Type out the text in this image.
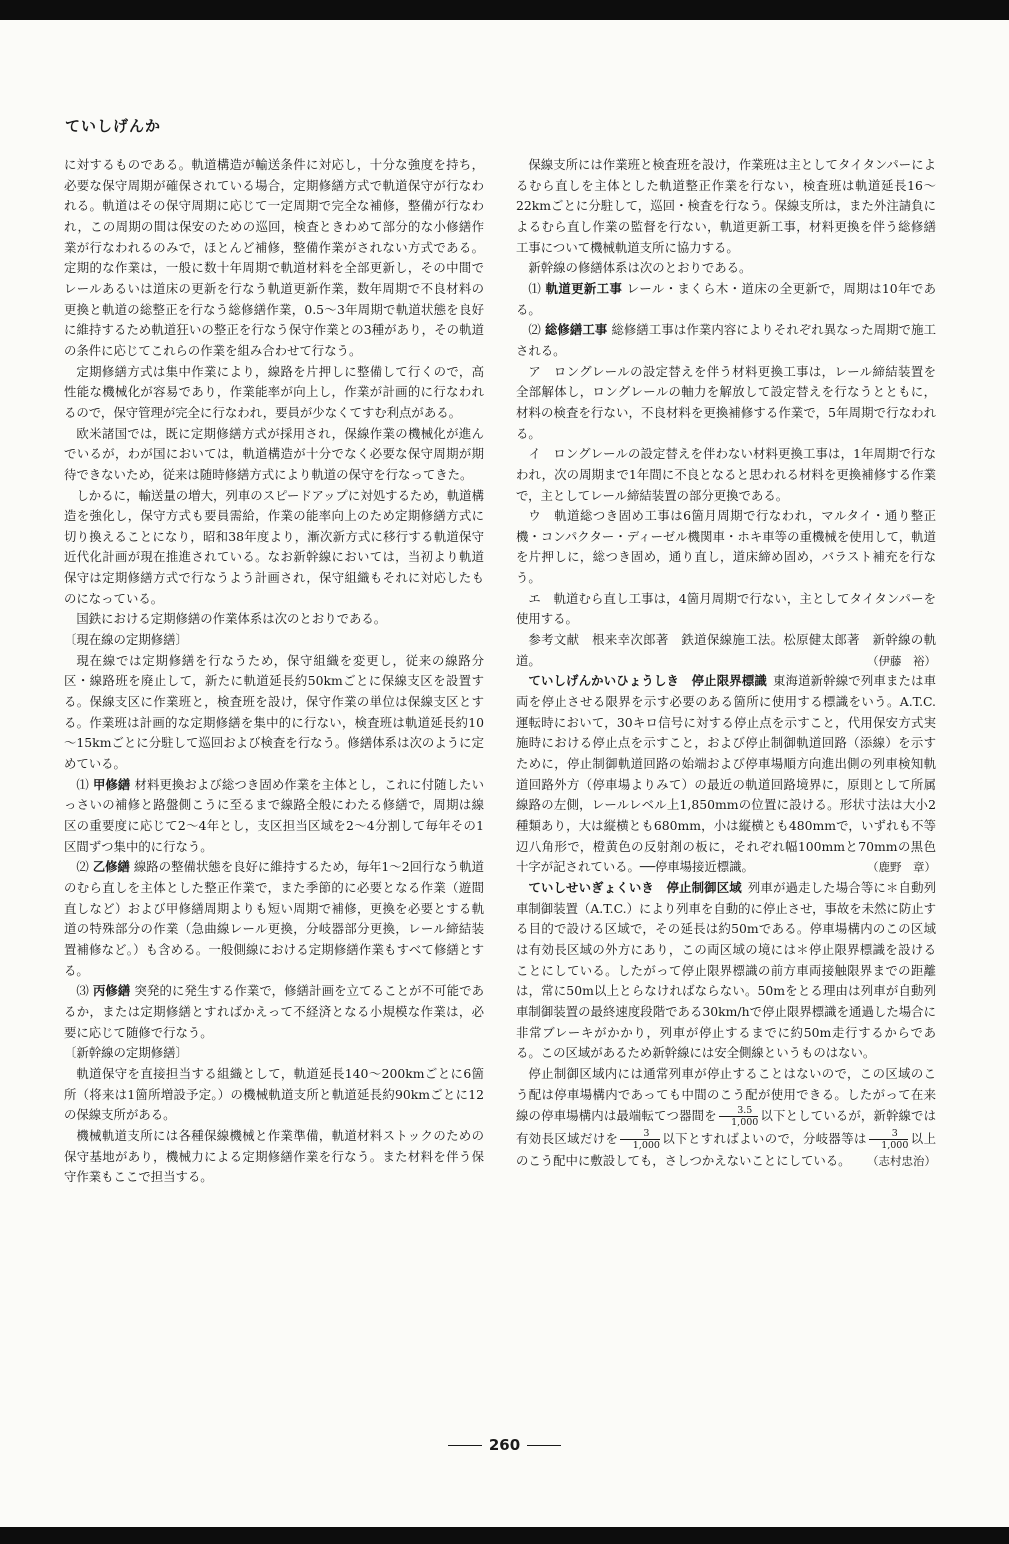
ていしげんか

に対するものである。軌道構造が輸送条件に対応し，十分な強度を持ち，必要な保守周期が確保されている場合，定期修繕方式で軌道保守が行なわれる。軌道はその保守周期に応じて一定周期で完全な補修，整備が行なわれ，この周期の間は保安のための巡回，検査ときわめて部分的な小修繕作業が行なわれるのみで，ほとんど補修，整備作業がされない方式である。定期的な作業は，一般に数十年周期で軌道材料を全部更新し，その中間でレールあるいは道床の更新を行なう軌道更新作業，数年周期で不良材料の更換と軌道の総整正を行なう総修繕作業，0.5～3年周期で軌道状態を良好に維持するため軌道狂いの整正を行なう保守作業との3種があり，その軌道の条件に応じてこれらの作業を組み合わせて行なう。

定期修繕方式は集中作業により，線路を片押しに整備して行くので，高性能な機械化が容易であり，作業能率が向上し，作業が計画的に行なわれるので，保守管理が完全に行なわれ，要員が少なくてすむ利点がある。

欧米諸国では，既に定期修繕方式が採用され，保線作業の機械化が進んでいるが，わが国においては，軌道構造が十分でなく必要な保守周期が期待できないため，従来は随時修繕方式により軌道の保守を行なってきた。

しかるに，輸送量の増大，列車のスピードアップに対処するため，軌道構造を強化し，保守方式も要員需給，作業の能率向上のため定期修繕方式に切り換えることになり，昭和38年度より，漸次新方式に移行する軌道保守近代化計画が現在推進されている。なお新幹線においては，当初より軌道保守は定期修繕方式で行なうよう計画され，保守組織もそれに対応したものになっている。

国鉄における定期修繕の作業体系は次のとおりである。

〔現在線の定期修繕〕

現在線では定期修繕を行なうため，保守組織を変更し，従来の線路分区・線路班を廃止して，新たに軌道延長約50kmごとに保線支区を設置する。保線支区に作業班と，検査班を設け，保守作業の単位は保線支区とする。作業班は計画的な定期修繕を集中的に行ない，検査班は軌道延長約10～15kmごとに分駐して巡回および検査を行なう。修繕体系は次のように定めている。

⑴ 甲修繕 材料更換および総つき固め作業を主体とし，これに付随したいっさいの補修と路盤側こうに至るまで線路全般にわたる修繕で，周期は線区の重要度に応じて2～4年とし，支区担当区域を2～4分割して毎年その1区間ずつ集中的に行なう。

⑵ 乙修繕 線路の整備状態を良好に維持するため，毎年1～2回行なう軌道のむら直しを主体とした整正作業で，また季節的に必要となる作業（遊間直しなど）および甲修繕周期よりも短い周期で補修，更換を必要とする軌道の特殊部分の作業（急曲線レール更換，分岐器部分更換，レール締結装置補修など。）も含める。一般側線における定期修繕作業もすべて修繕とする。

⑶ 丙修繕 突発的に発生する作業で，修繕計画を立てることが不可能であるか，または定期修繕とすればかえって不経済となる小規模な作業は，必要に応じて随修で行なう。

〔新幹線の定期修繕〕

軌道保守を直接担当する組織として，軌道延長140～200kmごとに6箇所（将来は1箇所増設予定。）の機械軌道支所と軌道延長約90kmごとに12の保線支所がある。

機械軌道支所には各種保線機械と作業準備，軌道材料ストックのための保守基地があり，機械力による定期修繕作業を行なう。また材料を伴う保守作業もここで担当する。

保線支所には作業班と検査班を設け，作業班は主としてタイタンパーによるむら直しを主体とした軌道整正作業を行ない，検査班は軌道延長16～22kmごとに分駐して，巡回・検査を行なう。保線支所は，また外注請負によるむら直し作業の監督を行ない，軌道更新工事，材料更換を伴う総修繕工事について機械軌道支所に協力する。

新幹線の修繕体系は次のとおりである。

⑴ 軌道更新工事 レール・まくら木・道床の全更新で，周期は10年である。

⑵ 総修繕工事 総修繕工事は作業内容によりそれぞれ異なった周期で施工される。

ア　ロングレールの設定替えを伴う材料更換工事は，レール締結装置を全部解体し，ロングレールの軸力を解放して設定替えを行なうとともに，材料の検査を行ない，不良材料を更換補修する作業で，5年周期で行なわれる。

イ　ロングレールの設定替えを伴わない材料更換工事は，1年周期で行なわれ，次の周期まで1年間に不良となると思われる材料を更換補修する作業で，主としてレール締結装置の部分更換である。

ウ　軌道総つき固め工事は6箇月周期で行なわれ，マルタイ・通り整正機・コンパクター・ディーゼル機関車・ホキ車等の重機械を使用して，軌道を片押しに，総つき固め，通り直し，道床締め固め，バラスト補充を行なう。

エ　軌道むら直し工事は，4箇月周期で行ない，主としてタイタンパーを使用する。

参考文献　根来幸次郎著　鉄道保線施工法。松原健太郎著　新幹線の軌道。	（伊藤　裕）

ていしげんかいひょうしき　停止限界標識 東海道新幹線で列車または車両を停止させる限界を示す必要のある箇所に使用する標識をいう。A.T.C.運転時において，30キロ信号に対する停止点を示すこと，代用保安方式実施時における停止点を示すこと，および停止制御軌道回路（添線）を示すために，停止制御軌道回路の始端および停車場順方向進出側の列車検知軌道回路外方（停車場よりみて）の最近の軌道回路境界に，原則として所属線路の左側，レールレベル上1,850mmの位置に設ける。形状寸法は大小2種類あり，大は縦横とも680mm，小は縦横とも480mmで，いずれも不等辺八角形で，橙黄色の反射剤の板に，それぞれ幅100mmと70mmの黒色十字が記されている。──停車場接近標識。	（鹿野　章）

ていしせいぎょくいき　停止制御区域 列車が過走した場合等に＊自動列車制御装置（A.T.C.）により列車を自動的に停止させ，事故を未然に防止する目的で設ける区域で，その延長は約50mである。停車場構内のこの区域は有効長区域の外方にあり，この両区域の境には＊停止限界標識を設けることにしている。したがって停止限界標識の前方車両接触限界までの距離は，常に50m以上とらなければならない。50mをとる理由は列車が自動列車制御装置の最終速度段階である30km/hで停止限界標識を通過した場合に非常ブレーキがかかり，列車が停止するまでに約50m走行するからである。この区域があるため新幹線には安全側線というものはない。

停止制御区域内には通常列車が停止することはないので，この区域のこう配は停車場構内であっても中間のこう配が使用できる。したがって在来線の停車場構内は最端転てつ器間を $\frac{3.5}{1,000}$ 以下としているが，新幹線では有効長区域だけを $\frac{3}{1,000}$ 以下とすればよいので，分岐器等は $\frac{3}{1,000}$ 以上のこう配中に敷設しても，さしつかえないことにしている。	（志村忠治）

260
